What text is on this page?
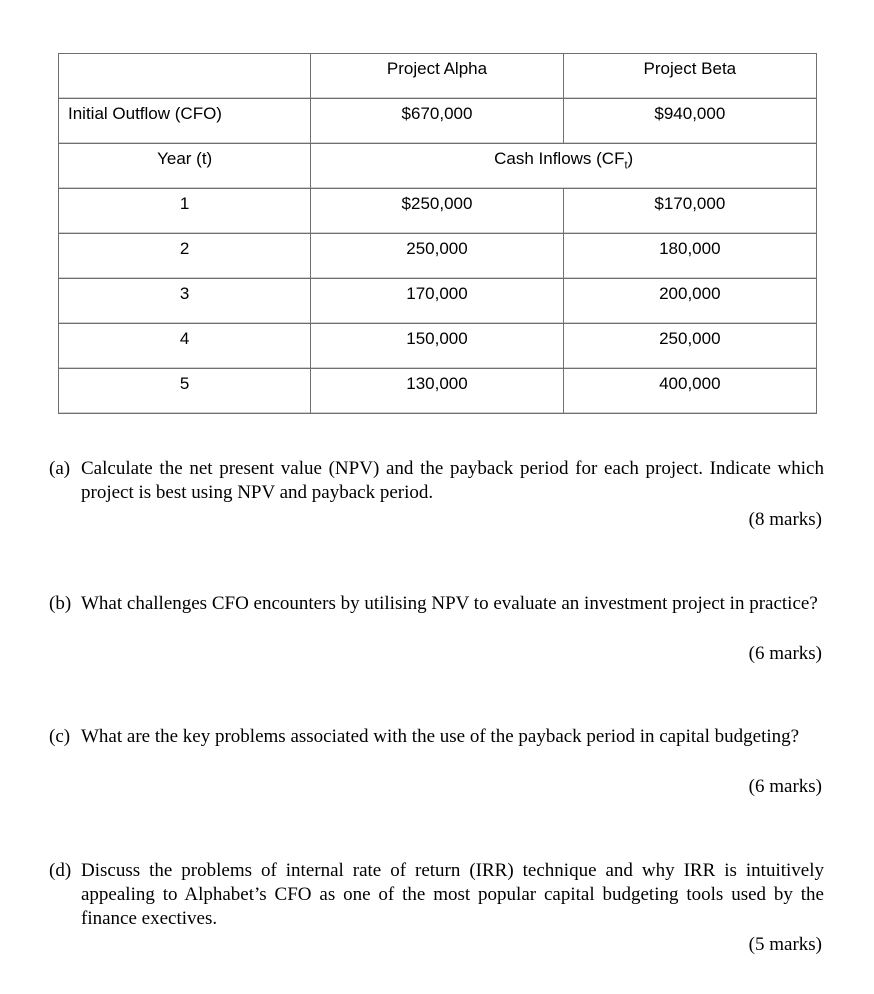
	Project Alpha	Project Beta

Initial Outflow (CFO)	$670,000	$940,000

Year (t)	Cash Inflows $(CF_t)$	

1	$250,000	$170,000

2	250,000	180,000

3	170,000	200,000

4	150,000	250,000

5	130,000	400,000
(a) Calculate the net present value (NPV) and the payback period for each project. Indicate which project is best using NPV and payback period.
(8 marks)
(b) What challenges CFO encounters by utilising NPV to evaluate an investment project in practice?
(6 marks)
(c) What are the key problems associated with the use of the payback period in capital budgeting?
(6 marks)
(d) Discuss the problems of internal rate of return (IRR) technique and why IRR is intuitively appealing to Alphabet’s CFO as one of the most popular capital budgeting tools used by the finance exectives.
(5 marks)
